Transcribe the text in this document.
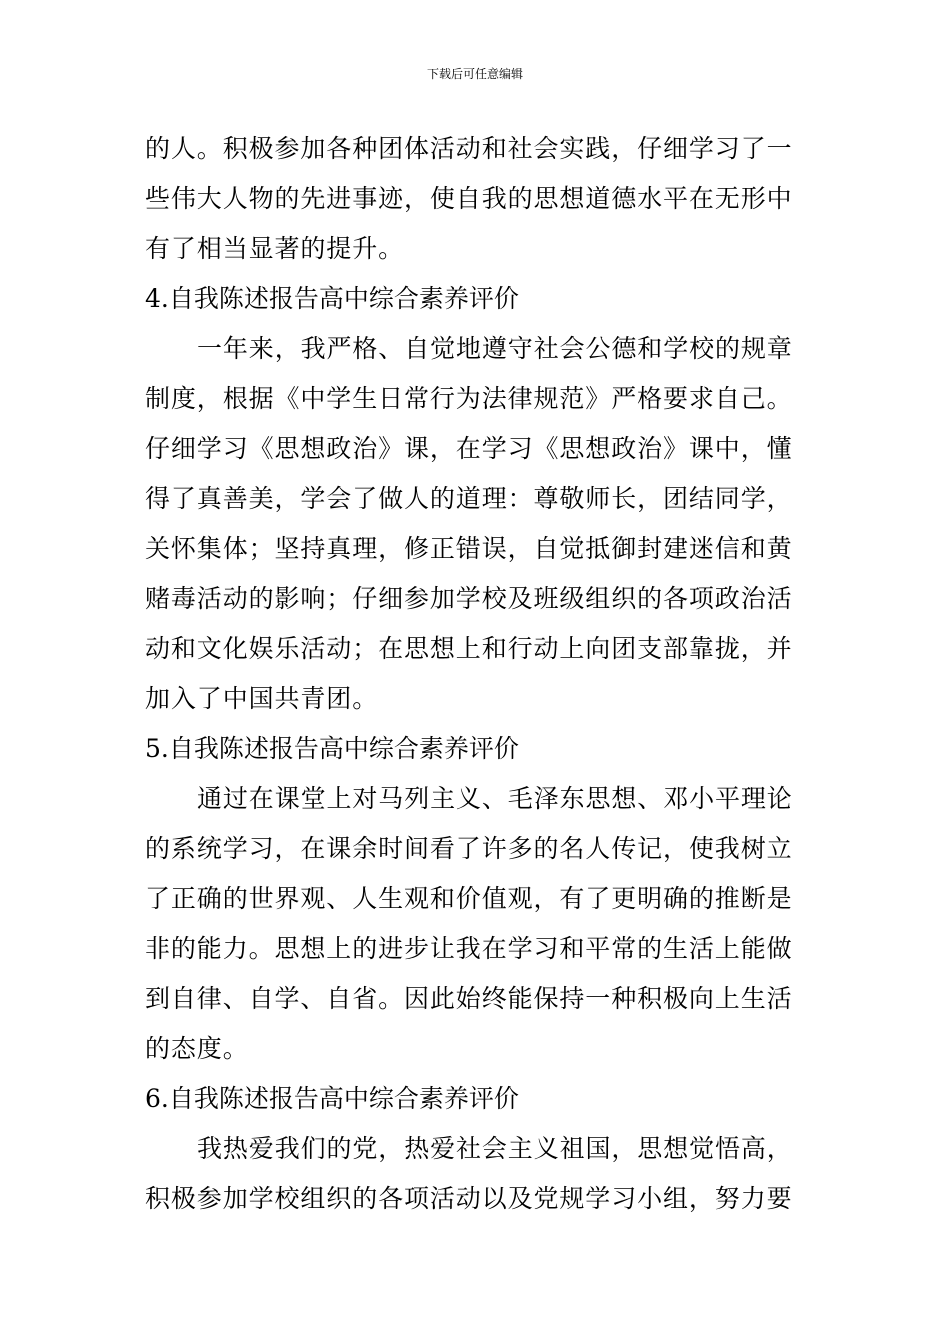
下载后可任意编辑
的人。积极参加各种团体活动和社会实践，仔细学习了一
些伟大人物的先进事迹，使自我的思想道德水平在无形中
有了相当显著的提升。
4.自我陈述报告高中综合素养评价
一年来，我严格、自觉地遵守社会公德和学校的规章
制度，根据《中学生日常行为法律规范》严格要求自己。
仔细学习《思想政治》课，在学习《思想政治》课中，懂
得了真善美，学会了做人的道理：尊敬师长，团结同学，
关怀集体；坚持真理，修正错误，自觉抵御封建迷信和黄
赌毒活动的影响；仔细参加学校及班级组织的各项政治活
动和文化娱乐活动；在思想上和行动上向团支部靠拢，并
加入了中国共青团。
5.自我陈述报告高中综合素养评价
通过在课堂上对马列主义、毛泽东思想、邓小平理论
的系统学习，在课余时间看了许多的名人传记，使我树立
了正确的世界观、人生观和价值观，有了更明确的推断是
非的能力。思想上的进步让我在学习和平常的生活上能做
到自律、自学、自省。因此始终能保持一种积极向上生活
的态度。
6.自我陈述报告高中综合素养评价
我热爱我们的党，热爱社会主义祖国，思想觉悟高，
积极参加学校组织的各项活动以及党规学习小组，努力要
